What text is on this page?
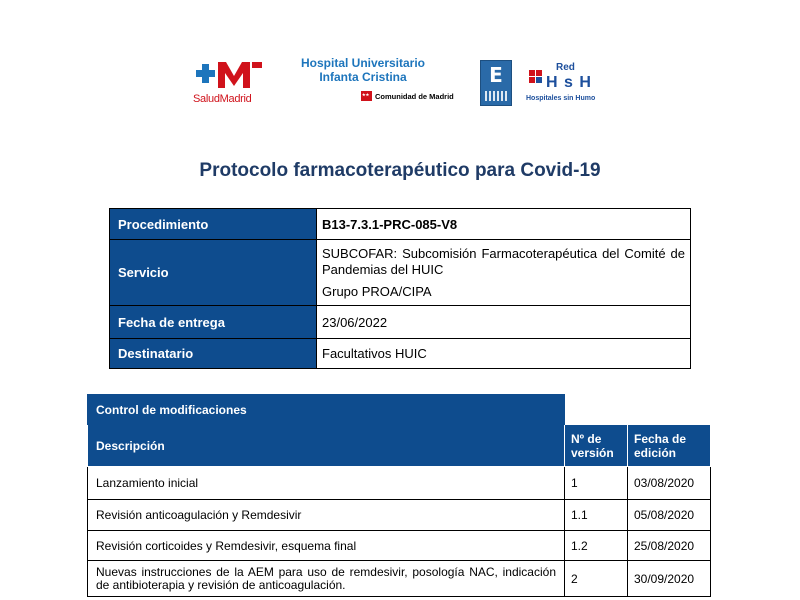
SaludMadrid
Hospital Universitario
Infanta Cristina
★★
Comunidad de Madrid
E	Red
H s H
Hospitales sin Humo
Protocolo farmacoterapéutico para Covid-19
Procedimiento	B13-7.3.1-PRC-085-V8
Servicio	SUBCOFAR: Subcomisión Farmacoterapéutica del Comité de Pandemias del HUIC
Grupo PROA/CIPA

Fecha de entrega	23/06/2022
Destinatario	Facultativos HUIC
Control de modificaciones		
Descripción	Nº de versión	Fecha de edición
Lanzamiento inicial	1	03/08/2020
Revisión anticoagulación y Remdesivir	1.1	05/08/2020
Revisión corticoides y Remdesivir, esquema final	1.2	25/08/2020
Nuevas instrucciones de la AEM para uso de remdesivir, posología NAC, indicación de antibioterapia y revisión de anticoagulación.	2	30/09/2020
